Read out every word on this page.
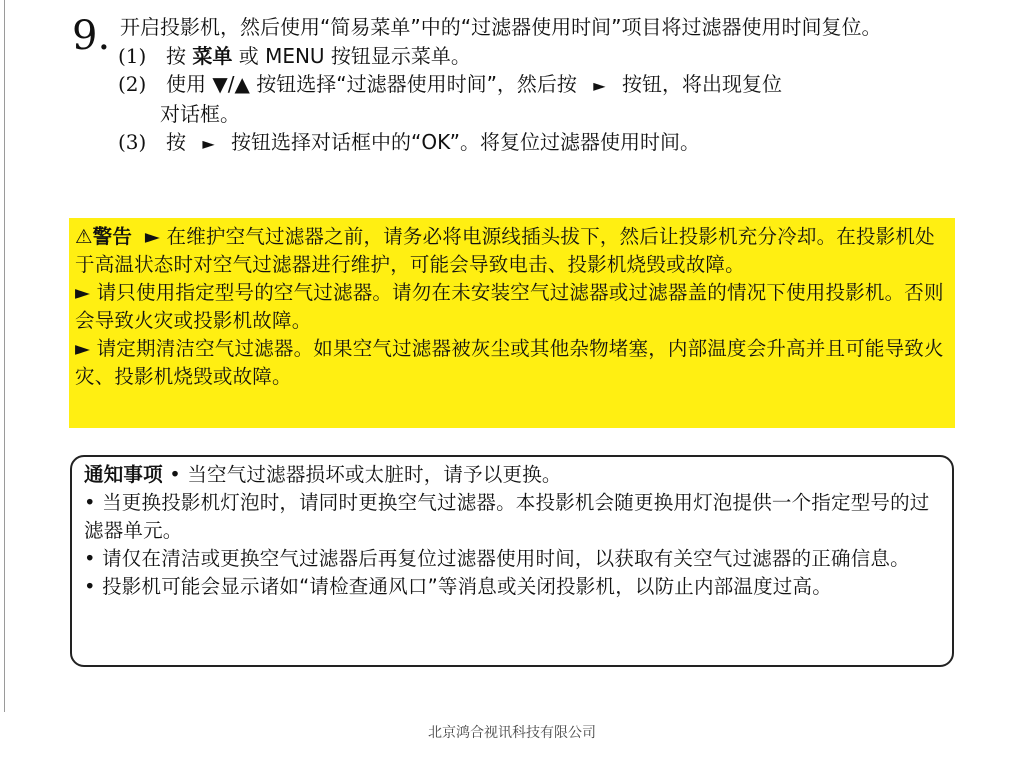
9. 开启投影机，然后使用“简易菜单”中的“过滤器使用时间”项目将过滤器使用时间复位。
(1) 按 菜单 或 MENU 按钮显示菜单。
(2) 使用 ▼/▲ 按钮选择“过滤器使用时间”，然后按 ► 按钮，将出现复位
对话框。
(3) 按 ► 按钮选择对话框中的“OK”。将复位过滤器使用时间。
⚠警告 ► 在维护空气过滤器之前，请务必将电源线插头拔下，然后让投影机充分冷却。在投影机处于高温状态时对空气过滤器进行维护，可能会导致电击、投影机烧毁或故障。
► 请只使用指定型号的空气过滤器。请勿在未安装空气过滤器或过滤器盖的情况下使用投影机。否则会导致火灾或投影机故障。
► 请定期清洁空气过滤器。如果空气过滤器被灰尘或其他杂物堵塞，内部温度会升高并且可能导致火灾、投影机烧毁或故障。
通知事项 • 当空气过滤器损坏或太脏时，请予以更换。
• 当更换投影机灯泡时，请同时更换空气过滤器。本投影机会随更换用灯泡提供一个指定型号的过滤器单元。
• 请仅在清洁或更换空气过滤器后再复位过滤器使用时间，以获取有关空气过滤器的正确信息。
• 投影机可能会显示诸如“请检查通风口”等消息或关闭投影机，以防止内部温度过高。
北京鸿合视讯科技有限公司
